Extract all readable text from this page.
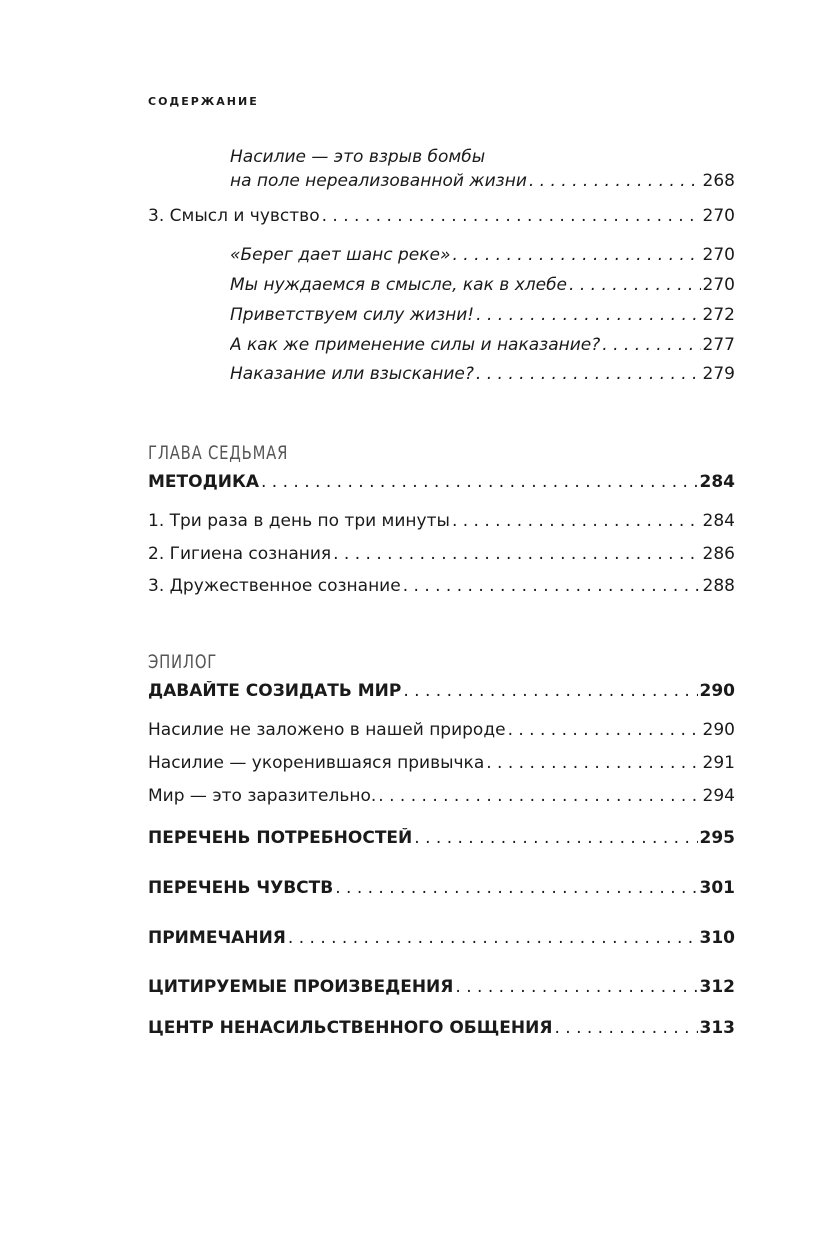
СОДЕРЖАНИЕ
Насилие — это взрыв бомбы
на поле нереализованной жизни . . .	268
3. Смысл и чувство . . .	270
«Берег дает шанс реке» . . .	270
Мы нуждаемся в смысле, как в хлебе . . .	270
Приветствуем силу жизни! . . .	272
А как же применение силы и наказание? . . .	277
Наказание или взыскание? . . .	279
ГЛАВА СЕДЬМАЯ
МЕТОДИКА . . .	284
1. Три раза в день по три минуты . . .	284
2. Гигиена сознания . . .	286
3. Дружественное сознание . . .	288
ЭПИЛОГ
ДАВАЙТЕ СОЗИДАТЬ МИР . . .	290
Насилие не заложено в нашей природе . . .	290
Насилие — укоренившаяся привычка . . .	291
Мир — это заразительно. . . .	294
ПЕРЕЧЕНЬ ПОТРЕБНОСТЕЙ . . .	295
ПЕРЕЧЕНЬ ЧУВСТВ . . .	301
ПРИМЕЧАНИЯ . . .	310
ЦИТИРУЕМЫЕ ПРОИЗВЕДЕНИЯ . . .	312
ЦЕНТР НЕНАСИЛЬСТВЕННОГО ОБЩЕНИЯ . . .	313
